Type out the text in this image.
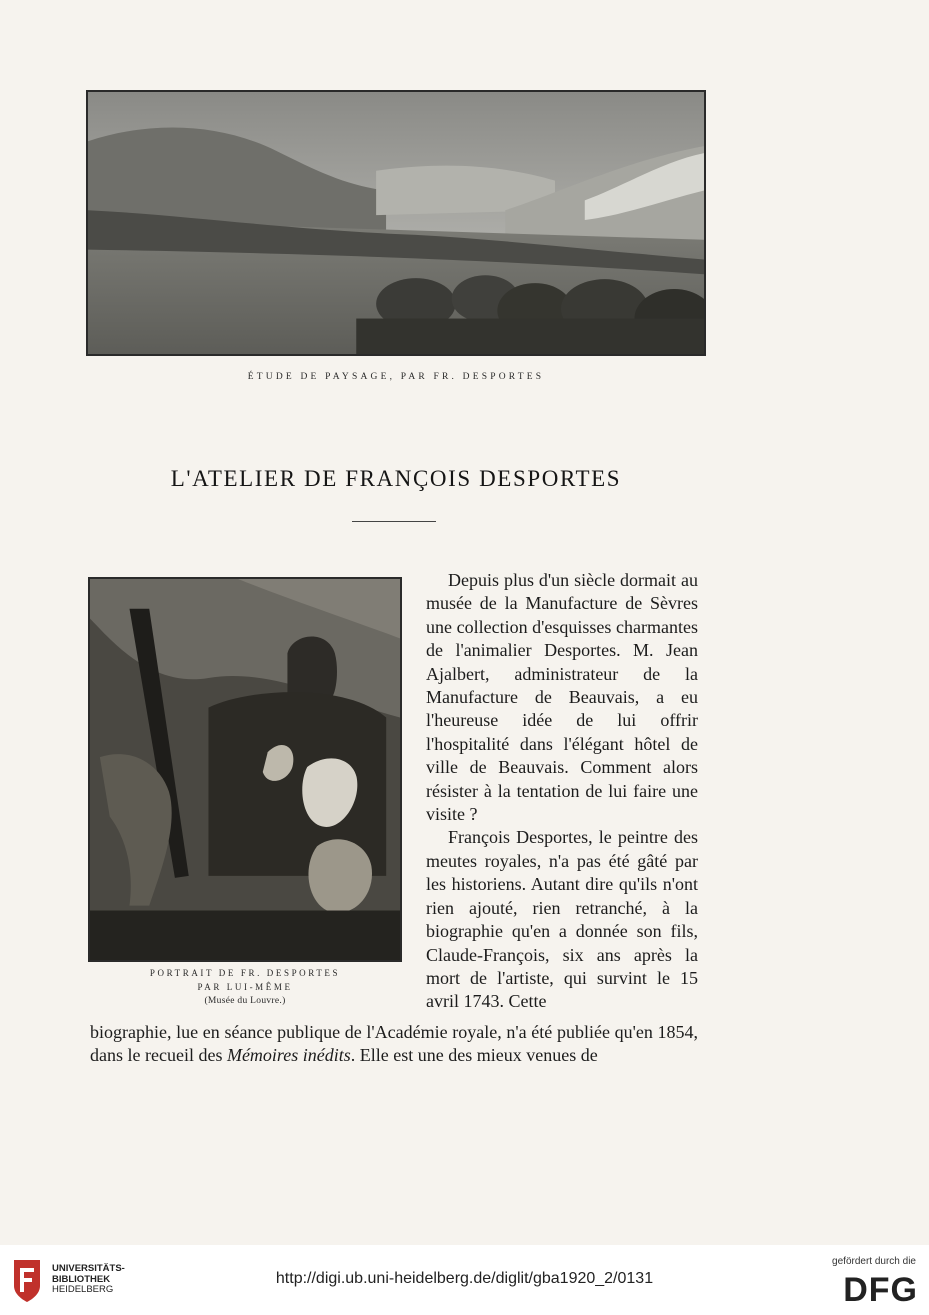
ÉTUDE DE PAYSAGE, PAR FR. DESPORTES
L'ATELIER DE FRANÇOIS DESPORTES
PORTRAIT DE FR. DESPORTES
PAR LUI-MÊME
(Musée du Louvre.)

Depuis plus d'un siècle dormait au musée de la Manufacture de Sèvres une collection d'esquisses charmantes de l'animalier Desportes. M. Jean Ajalbert, administrateur de la Manufacture de Beauvais, a eu l'heureuse idée de lui offrir l'hospitalité dans l'élégant hôtel de ville de Beauvais. Comment alors résister à la tentation de lui faire une visite ?

François Desportes, le peintre des meutes royales, n'a pas été gâté par les historiens. Autant dire qu'ils n'ont rien ajouté, rien retranché, à la biographie qu'en a donnée son fils, Claude-François, six ans après la mort de l'artiste, qui survint le 15 avril 1743. Cette

biographie, lue en séance publique de l'Académie royale, n'a été publiée qu'en 1854, dans le recueil des Mémoires inédits. Elle est une des mieux venues de

UNIVERSITÄTS-
BIBLIOTHEK
HEIDELBERG
http://digi.ub.uni-heidelberg.de/diglit/gba1920_2/0131
gefördert durch die
DFG
